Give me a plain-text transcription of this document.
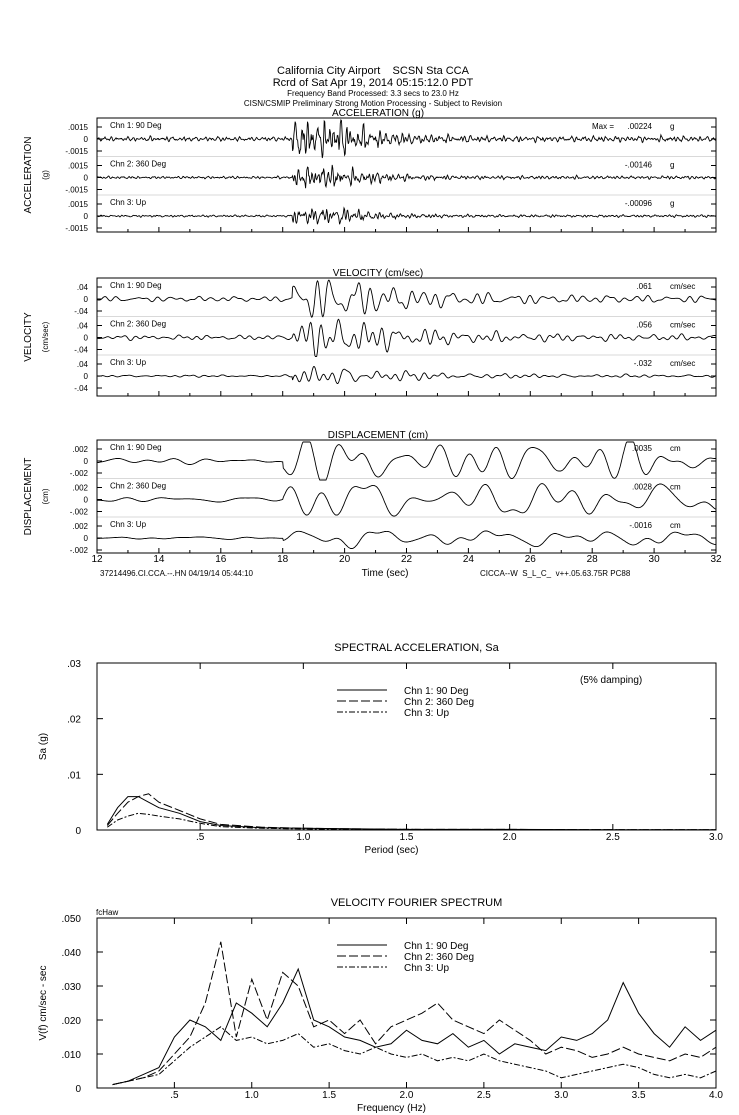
California City Airport    SCSN Sta CCA
Rcrd of Sat Apr 19, 2014 05:15:12.0 PDT
Frequency Band Processed: 3.3 secs to 23.0 Hz
CISN/CSMIP Preliminary Strong Motion Processing - Subject to Revision
37214496.CI.CCA.--.HN 04/19/14 05:44:10	CICCA--W  S_L_C_  v++.05.63.75R PC88
ACCELERATION (g)
ACCELERATION (g)
.0015
0
-.0015
Chn 1: 90 Deg	Max = .00224 g
.0015
0
-.0015
Chn 2: 360 Deg	-.00146 g
.0015
0
-.0015
Chn 3: Up	-.00096 g
VELOCITY (cm/sec)
VELOCITY (cm/sec)
.04
0
-.04
Chn 1: 90 Deg	.061 cm/sec
.04
0
-.04
Chn 2: 360 Deg	.056 cm/sec
.04
0
-.04
Chn 3: Up	-.032 cm/sec
DISPLACEMENT (cm)
DISPLACEMENT (cm)
.002
0
-.002
Chn 1: 90 Deg	.0035 cm
.002
0
-.002
Chn 2: 360 Deg	.0028 cm
.002
0
-.002
Chn 3: Up	-.0016 cm
12	14	16	18	20	22	24	26	28	30	32
Time (sec)
SPECTRAL ACCELERATION, Sa
.5	1.0	1.5	2.0	2.5	3.0
0
.01
.02
.03
Period (sec)
Sa (g)
Chn 1: 90 Deg
Chn 2: 360 Deg
Chn 3: Up
(5% damping)
VELOCITY FOURIER SPECTRUM
.5	1.0	1.5	2.0	2.5	3.0	3.5	4.0
0
.010
.020
.030
.040
.050
Frequency (Hz)
V(f) cm/sec - sec
Chn 1: 90 Deg
Chn 2: 360 Deg
Chn 3: Up
fcHaw
